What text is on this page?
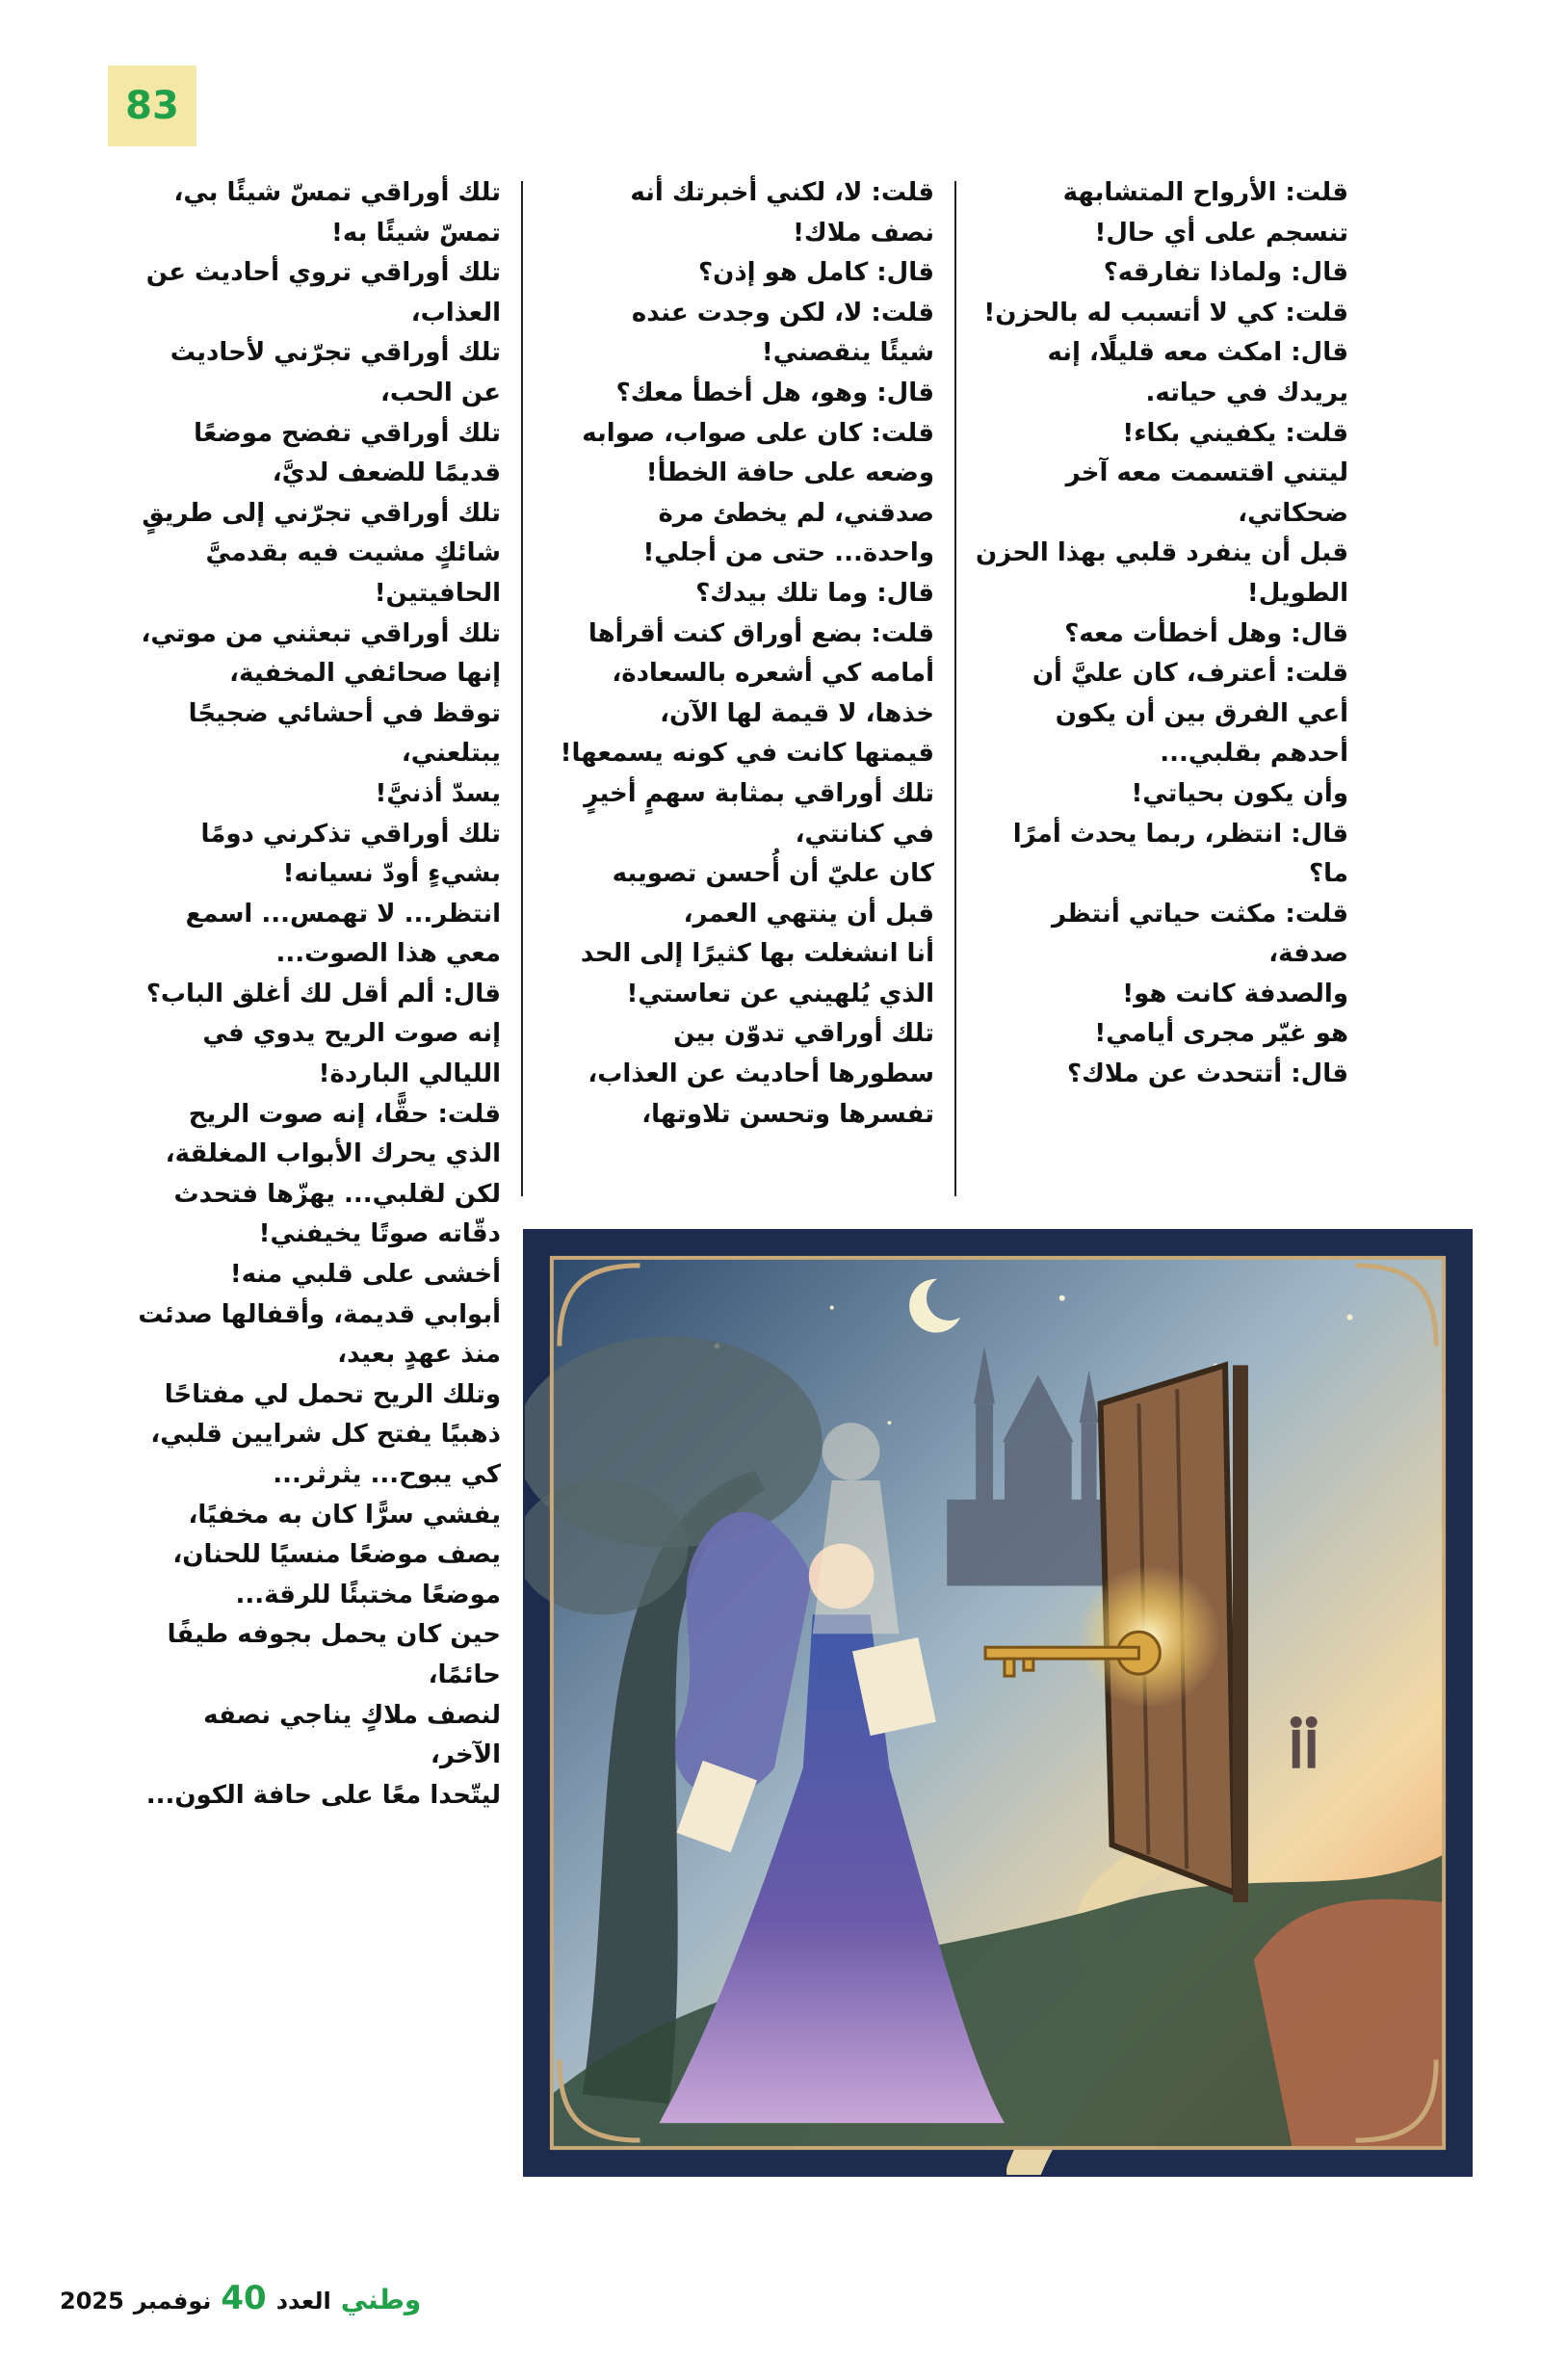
83
قلت: الأرواح المتشابهة
تنسجم على أي حال!
قال: ولماذا تفارقه؟
قلت: كي لا أتسبب له بالحزن!
قال: امكث معه قليلًا، إنه
يريدك في حياته.
قلت: يكفيني بكاء!
ليتني اقتسمت معه آخر
ضحكاتي،
قبل أن ينفرد قلبي بهذا الحزن
الطويل!
قال: وهل أخطأت معه؟
قلت: أعترف، كان عليَّ أن
أعي الفرق بين أن يكون
أحدهم بقلبي...
وأن يكون بحياتي!
قال: انتظر، ربما يحدث أمرًا
ما؟
قلت: مكثت حياتي أنتظر
صدفة،
والصدفة كانت هو!
هو غيّر مجرى أيامي!
قال: أتتحدث عن ملاك؟
قلت: لا، لكني أخبرتك أنه
نصف ملاك!
قال: كامل هو إذن؟
قلت: لا، لكن وجدت عنده
شيئًا ينقصني!
قال: وهو، هل أخطأ معك؟
قلت: كان على صواب، صوابه
وضعه على حافة الخطأ!
صدقني، لم يخطئ مرة
واحدة... حتى من أجلي!
قال: وما تلك بيدك؟
قلت: بضع أوراق كنت أقرأها
أمامه كي أشعره بالسعادة،
خذها، لا قيمة لها الآن،
قيمتها كانت في كونه يسمعها!
تلك أوراقي بمثابة سهمٍ أخيرٍ
في كنانتي،
كان عليّ أن أُحسن تصويبه
قبل أن ينتهي العمر،
أنا انشغلت بها كثيرًا إلى الحد
الذي يُلهيني عن تعاستي!
تلك أوراقي تدوّن بين
سطورها أحاديث عن العذاب،
تفسرها وتحسن تلاوتها،
تلك أوراقي تمسّ شيئًا بي،
تمسّ شيئًا به!
تلك أوراقي تروي أحاديث عن
العذاب،
تلك أوراقي تجرّني لأحاديث
عن الحب،
تلك أوراقي تفضح موضعًا
قديمًا للضعف لديَّ،
تلك أوراقي تجرّني إلى طريقٍ
شائكٍ مشيت فيه بقدميَّ
الحافيتين!
تلك أوراقي تبعثني من موتي،
إنها صحائفي المخفية،
توقظ في أحشائي ضجيجًا
يبتلعني،
يسدّ أذنيَّ!
تلك أوراقي تذكرني دومًا
بشيءٍ أودّ نسيانه!
انتظر... لا تهمس... اسمع
معي هذا الصوت...
قال: ألم أقل لك أغلق الباب؟
إنه صوت الريح يدوي في
الليالي الباردة!
قلت: حقًّا، إنه صوت الريح
الذي يحرك الأبواب المغلقة،
لكن لقلبي... يهزّها فتحدث
دقّاته صوتًا يخيفني!
أخشى على قلبي منه!
أبوابي قديمة، وأقفالها صدئت
منذ عهدٍ بعيد،
وتلك الريح تحمل لي مفتاحًا
ذهبيًا يفتح كل شرايين قلبي،
كي يبوح... يثرثر...
يفشي سرًّا كان به مخفيًا،
يصف موضعًا منسيًا للحنان،
موضعًا مختبئًا للرقة...
حين كان يحمل بجوفه طيفًا
حائمًا،
لنصف ملاكٍ يناجي نصفه
الآخر،
ليتّحدا معًا على حافة الكون...
2025 نوفمبر 40 العدد وطني
